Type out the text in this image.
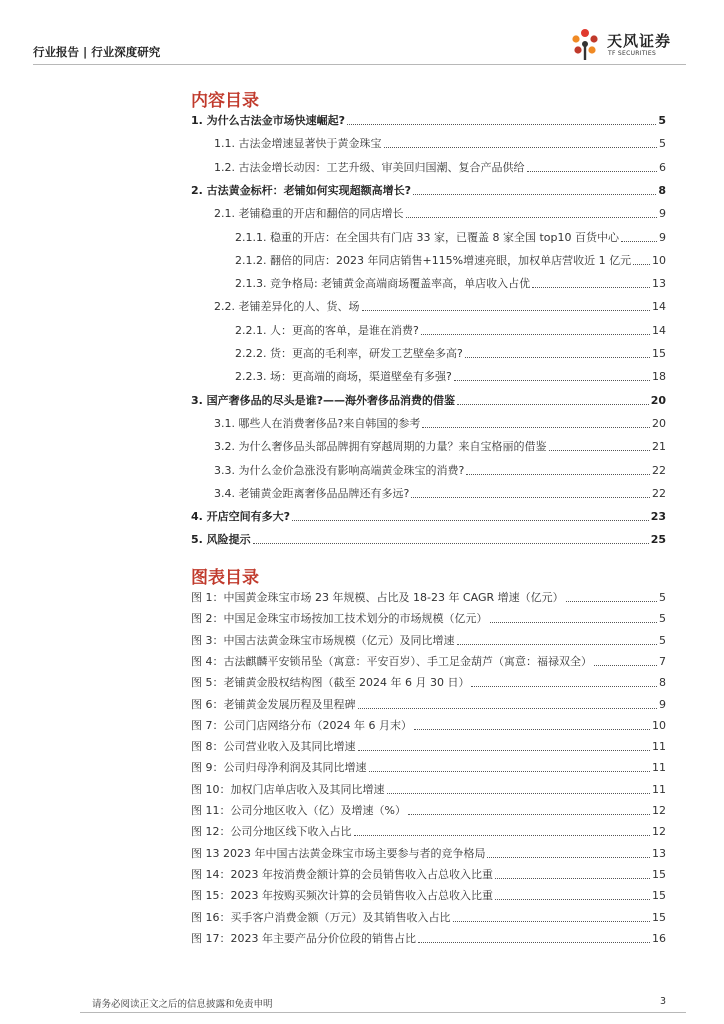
行业报告 | 行业深度研究
天风证券
TF SECURITIES
内容目录
1. 为什么古法金市场快速崛起?	5
1.1. 古法金增速显著快于黄金珠宝	5
1.2. 古法金增长动因：工艺升级、审美回归国潮、复合产品供给	6
2. 古法黄金标杆：老铺如何实现超额高增长?	8
2.1. 老铺稳重的开店和翻倍的同店增长	9
2.1.1. 稳重的开店：在全国共有门店 33 家，已覆盖 8 家全国 top10 百货中心	9
2.1.2. 翻倍的同店：2023 年同店销售+115%增速亮眼，加权单店营收近 1 亿元 10
2.1.3. 竞争格局: 老铺黄金高端商场覆盖率高，单店收入占优	13
2.2. 老铺差异化的人、货、场	14
2.2.1. 人：更高的客单，是谁在消费?	14
2.2.2. 货：更高的毛利率，研发工艺壁垒多高?	15
2.2.3. 场：更高端的商场，渠道壁垒有多强?	18
3. 国产奢侈品的尽头是谁?——海外奢侈品消费的借鉴	20
3.1. 哪些人在消费奢侈品?来自韩国的参考	20
3.2. 为什么奢侈品头部品牌拥有穿越周期的力量？来自宝格丽的借鉴	21
3.3. 为什么金价急涨没有影响高端黄金珠宝的消费?	22
3.4. 老铺黄金距离奢侈品品牌还有多远?	22
4. 开店空间有多大?	23
5. 风险提示	25
图表目录
图 1：中国黄金珠宝市场 23 年规模、占比及 18-23 年 CAGR 增速（亿元）	5
图 2：中国足金珠宝市场按加工技术划分的市场规模（亿元）	5
图 3：中国古法黄金珠宝市场规模（亿元）及同比增速	5
图 4：古法麒麟平安锁吊坠（寓意：平安百岁）、手工足金葫芦（寓意：福禄双全）	7
图 5：老铺黄金股权结构图（截至 2024 年 6 月 30 日）	8
图 6：老铺黄金发展历程及里程碑	9
图 7：公司门店网络分布（2024 年 6 月末）	10
图 8：公司营业收入及其同比增速	11
图 9：公司归母净利润及其同比增速	11
图 10：加权门店单店收入及其同比增速	11
图 11：公司分地区收入（亿）及增速（%）	12
图 12：公司分地区线下收入占比	12
图 13 2023 年中国古法黄金珠宝市场主要参与者的竞争格局	13
图 14：2023 年按消费金额计算的会员销售收入占总收入比重	15
图 15：2023 年按购买频次计算的会员销售收入占总收入比重	15
图 16：买手客户消费金额（万元）及其销售收入占比	15
图 17：2023 年主要产品分价位段的销售占比	16
请务必阅读正文之后的信息披露和免责申明	3
